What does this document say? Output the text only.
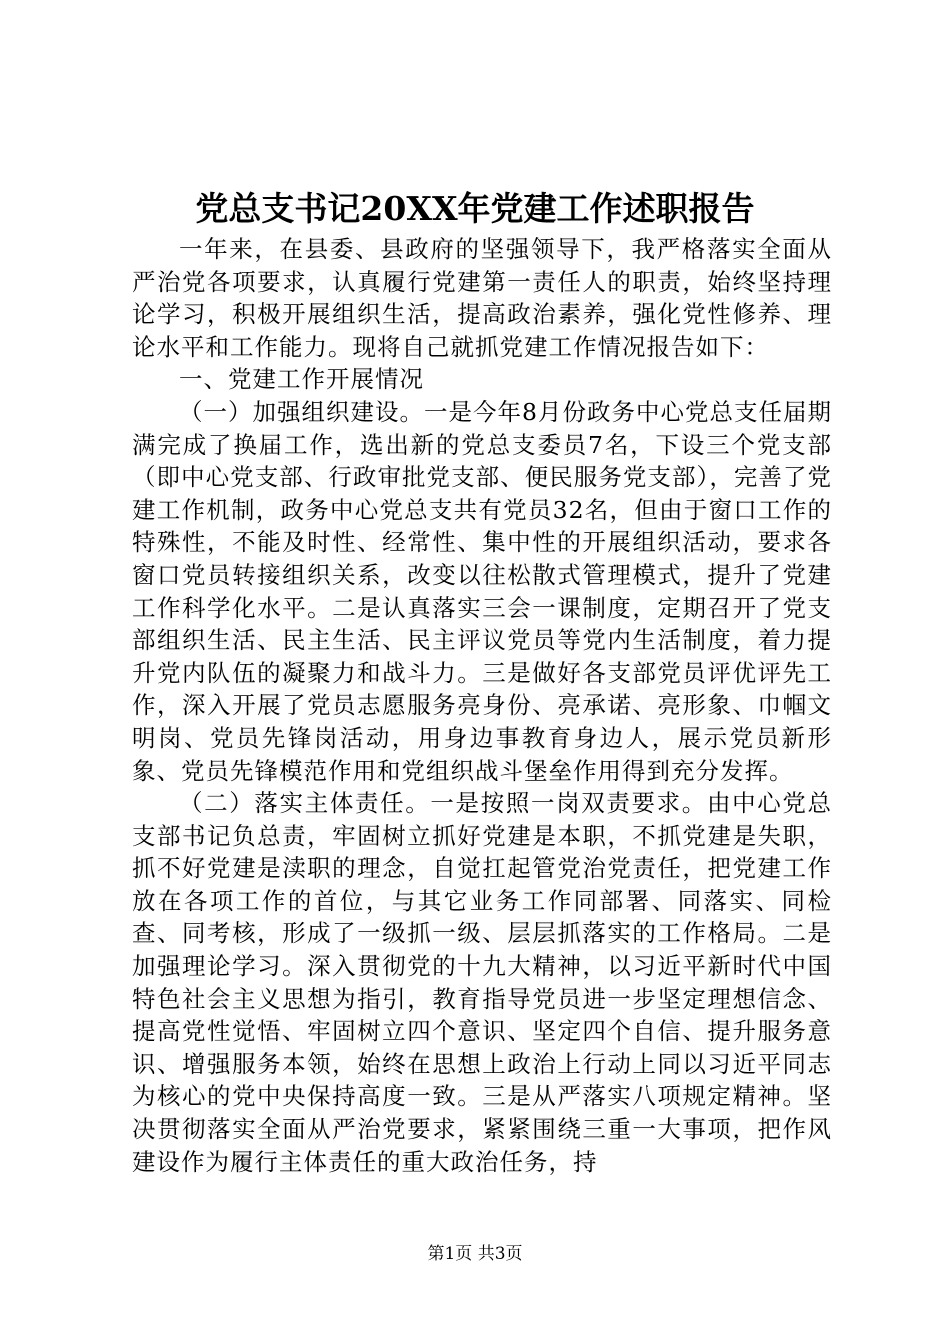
党总支书记20XX年党建工作述职报告

一年来，在县委、县政府的坚强领导下，我严格落实全面从严治党各项要求，认真履行党建第一责任人的职责，始终坚持理论学习，积极开展组织生活，提高政治素养，强化党性修养、理论水平和工作能力。现将自己就抓党建工作情况报告如下：

一、党建工作开展情况

（一）加强组织建设。一是今年8月份政务中心党总支任届期满完成了换届工作，选出新的党总支委员7名，下设三个党支部（即中心党支部、行政审批党支部、便民服务党支部），完善了党建工作机制，政务中心党总支共有党员32名，但由于窗口工作的特殊性，不能及时性、经常性、集中性的开展组织活动，要求各窗口党员转接组织关系，改变以往松散式管理模式，提升了党建工作科学化水平。二是认真落实三会一课制度，定期召开了党支部组织生活、民主生活、民主评议党员等党内生活制度，着力提升党内队伍的凝聚力和战斗力。三是做好各支部党员评优评先工作，深入开展了党员志愿服务亮身份、亮承诺、亮形象、巾帼文明岗、党员先锋岗活动，用身边事教育身边人，展示党员新形象、党员先锋模范作用和党组织战斗堡垒作用得到充分发挥。

（二）落实主体责任。一是按照一岗双责要求。由中心党总支部书记负总责，牢固树立抓好党建是本职，不抓党建是失职，抓不好党建是渎职的理念，自觉扛起管党治党责任，把党建工作放在各项工作的首位，与其它业务工作同部署、同落实、同检查、同考核，形成了一级抓一级、层层抓落实的工作格局。二是加强理论学习。深入贯彻党的十九大精神，以习近平新时代中国特色社会主义思想为指引，教育指导党员进一步坚定理想信念、提高党性觉悟、牢固树立四个意识、坚定四个自信、提升服务意识、增强服务本领，始终在思想上政治上行动上同以习近平同志为核心的党中央保持高度一致。三是从严落实八项规定精神。坚决贯彻落实全面从严治党要求，紧紧围绕三重一大事项，把作风建设作为履行主体责任的重大政治任务，持

第1页 共3页
